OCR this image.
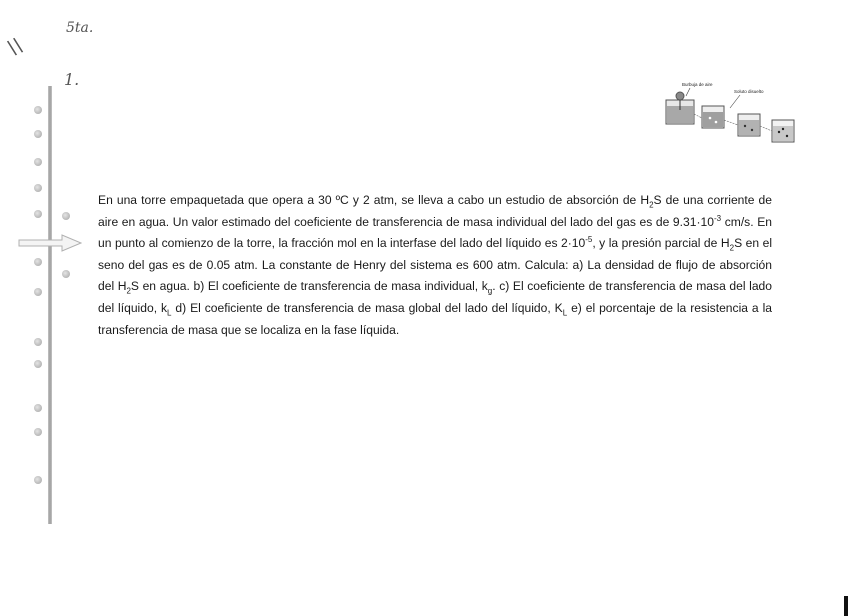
\\
5ta.
1.	Burbuja de aire
Soluto disuelto

En una torre empaquetada que opera a 30 ºC y 2 atm, se lleva a cabo un estudio de absorción de $H_2S$ de una corriente de aire en agua. Un valor estimado del coeficiente de transferencia de masa individual del lado del gas es de $9.31\cdot 10^{-3}$ cm/s. En un punto al comienzo de la torre, la fracción mol en la interfase del lado del líquido es $2\cdot 10^{-5}$, y la presión parcial de $H_2S$ en el seno del gas es de 0.05 atm. La constante de Henry del sistema es 600 atm. Calcula: a) La densidad de flujo de absorción del $H_2S$ en agua. b) El coeficiente de transferencia de masa individual, $k_g$. c) El coeficiente de transferencia de masa del lado del líquido, $k_L$ d) El coeficiente de transferencia de masa global del lado del líquido, $K_L$ e) el porcentaje de la resistencia a la transferencia de masa que se localiza en la fase líquida.
